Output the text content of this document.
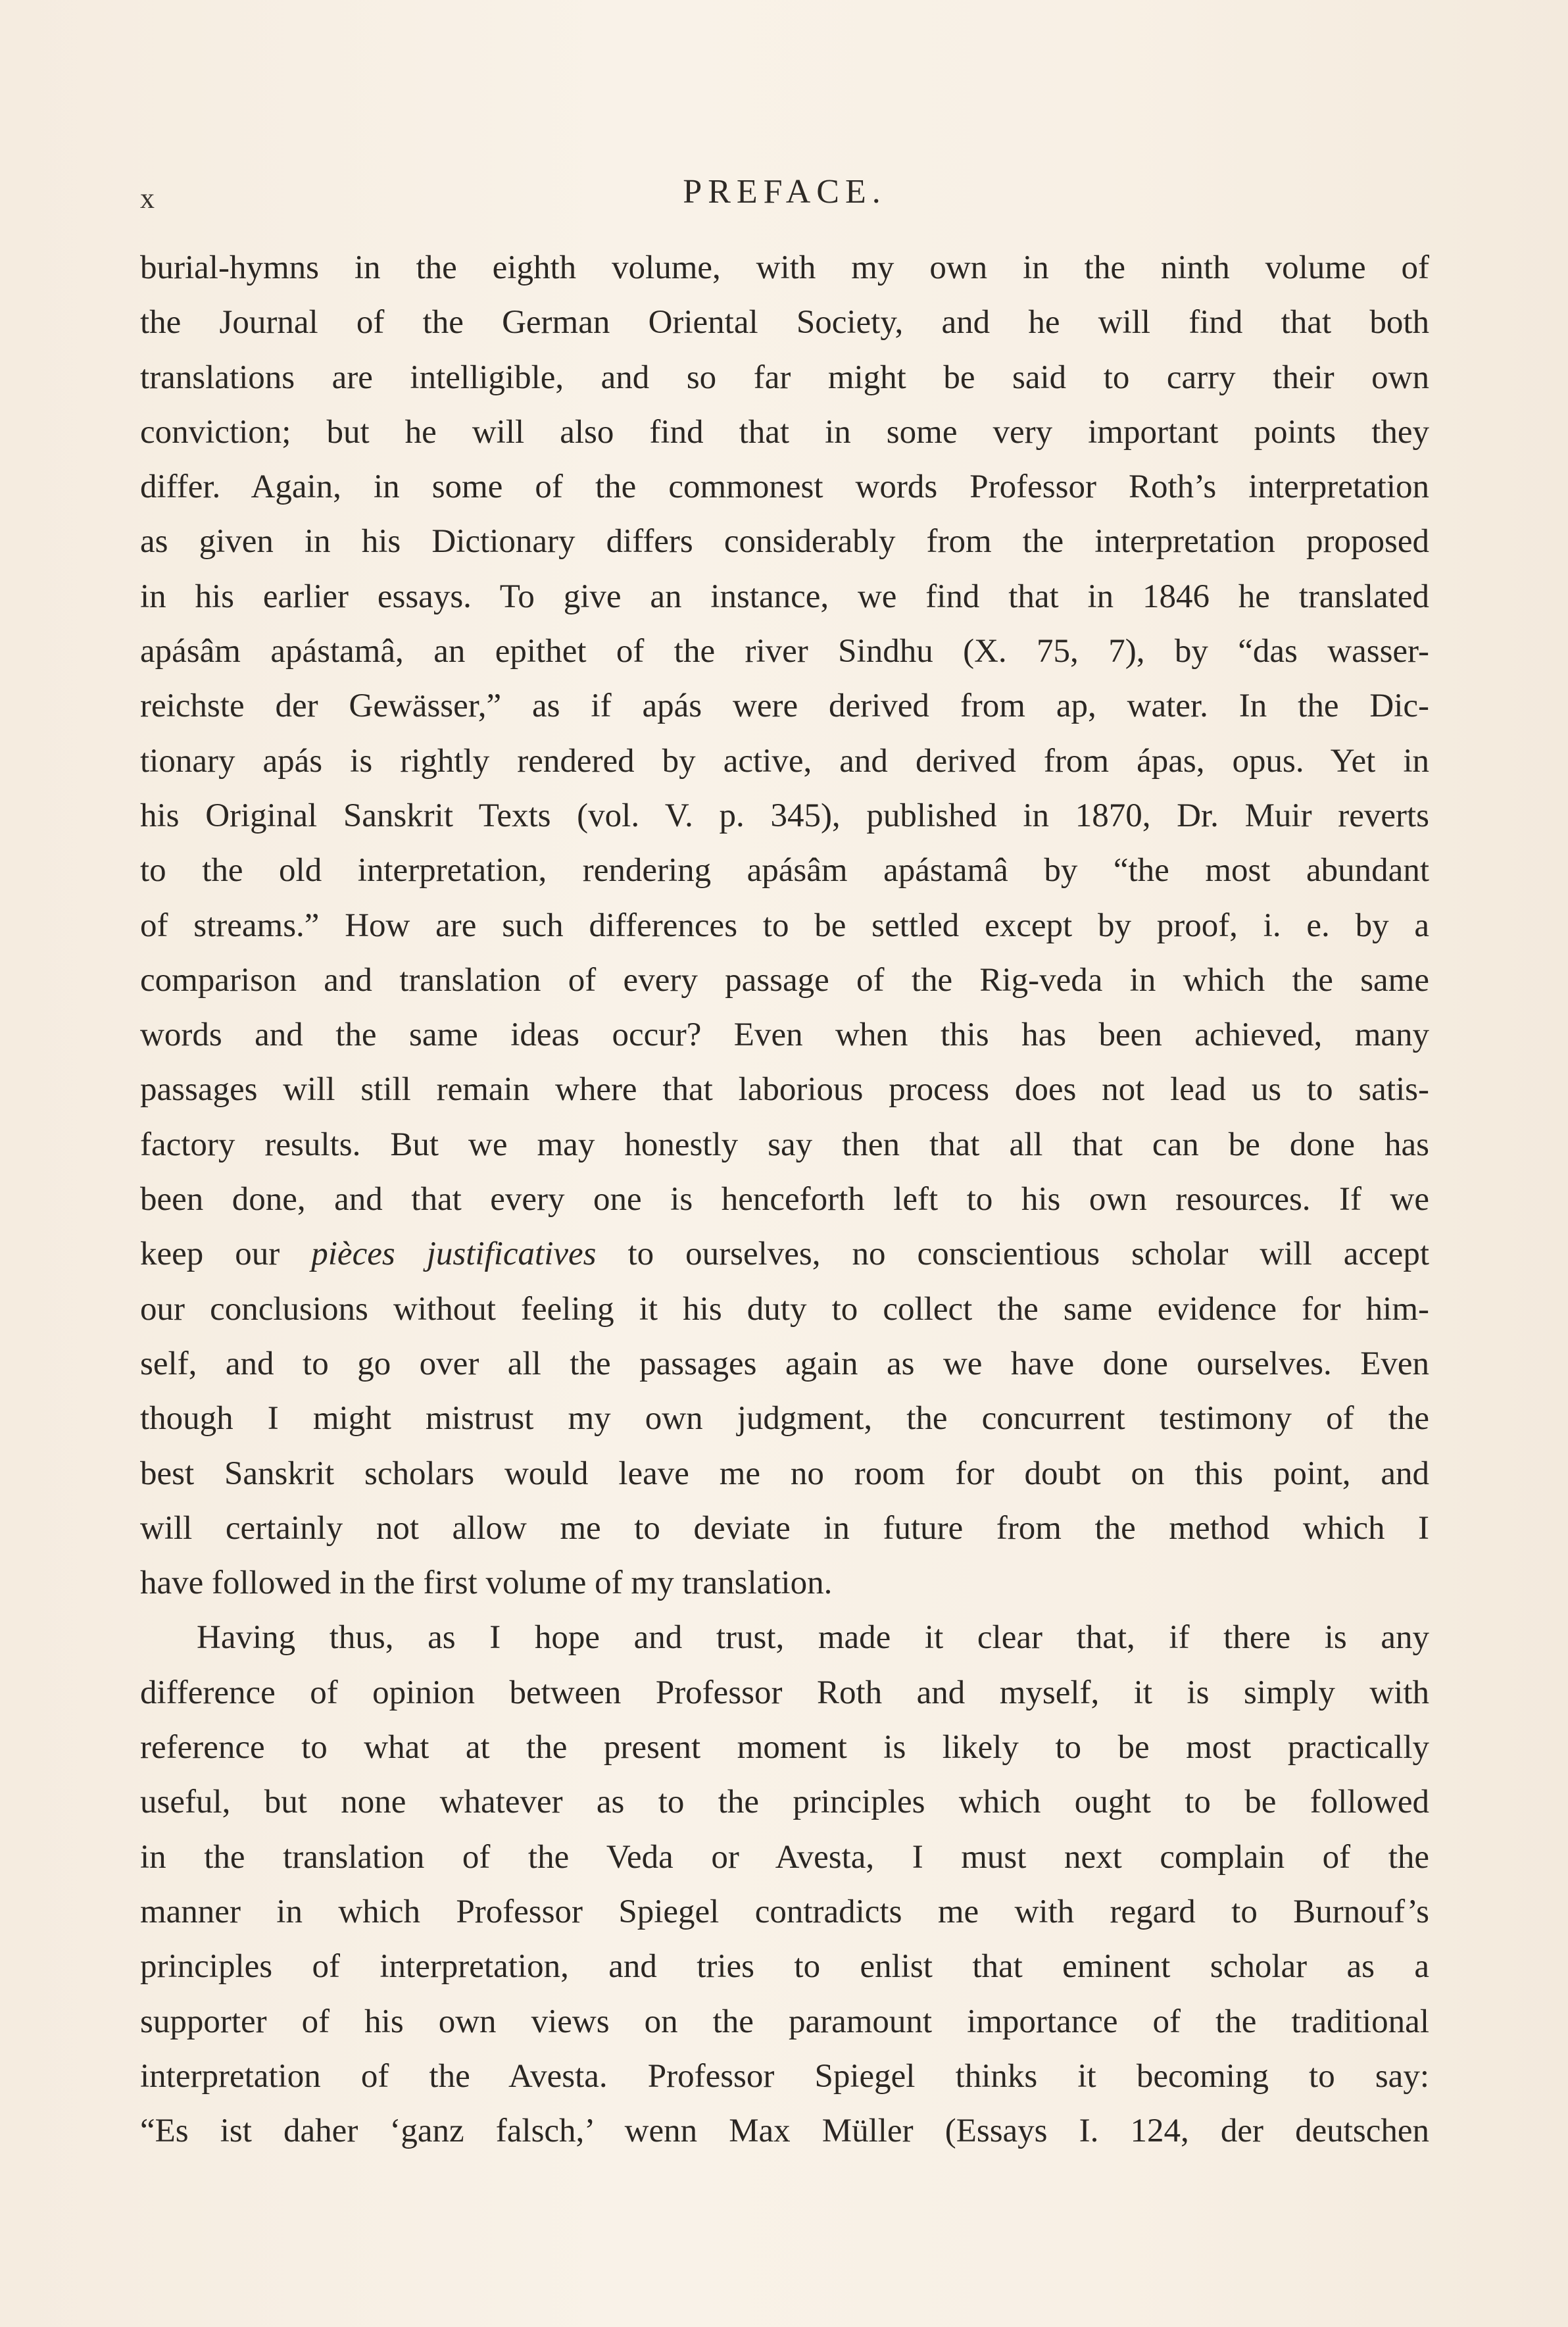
x	PREFACE.
burial-hymns in the eighth volume, with my own in the ninth volume of
the Journal of the German Oriental Society, and he will find that both
translations are intelligible, and so far might be said to carry their own
conviction; but he will also find that in some very important points they
differ. Again, in some of the commonest words Professor Roth’s interpretation
as given in his Dictionary differs considerably from the interpretation proposed
in his earlier essays. To give an instance, we find that in 1846 he translated
apásâm apástamâ, an epithet of the river Sindhu (X. 75, 7), by “das wasser-
reichste der Gewässer,” as if apás were derived from ap, water. In the Dic-
tionary apás is rightly rendered by active, and derived from ápas, opus. Yet in
his Original Sanskrit Texts (vol. V. p. 345), published in 1870, Dr. Muir reverts
to the old interpretation, rendering apásâm apástamâ by “the most abundant
of streams.” How are such differences to be settled except by proof, i. e. by a
comparison and translation of every passage of the Rig-veda in which the same
words and the same ideas occur? Even when this has been achieved, many
passages will still remain where that laborious process does not lead us to satis-
factory results. But we may honestly say then that all that can be done has
been done, and that every one is henceforth left to his own resources. If we
keep our pièces justificatives to ourselves, no conscientious scholar will accept
our conclusions without feeling it his duty to collect the same evidence for him-
self, and to go over all the passages again as we have done ourselves. Even
though I might mistrust my own judgment, the concurrent testimony of the
best Sanskrit scholars would leave me no room for doubt on this point, and
will certainly not allow me to deviate in future from the method which I
have followed in the first volume of my translation.
Having thus, as I hope and trust, made it clear that, if there is any
difference of opinion between Professor Roth and myself, it is simply with
reference to what at the present moment is likely to be most practically
useful, but none whatever as to the principles which ought to be followed
in the translation of the Veda or Avesta, I must next complain of the
manner in which Professor Spiegel contradicts me with regard to Burnouf’s
principles of interpretation, and tries to enlist that eminent scholar as a
supporter of his own views on the paramount importance of the traditional
interpretation of the Avesta. Professor Spiegel thinks it becoming to say:
“Es ist daher ‘ganz falsch,’ wenn Max Müller (Essays I. 124, der deutschen
